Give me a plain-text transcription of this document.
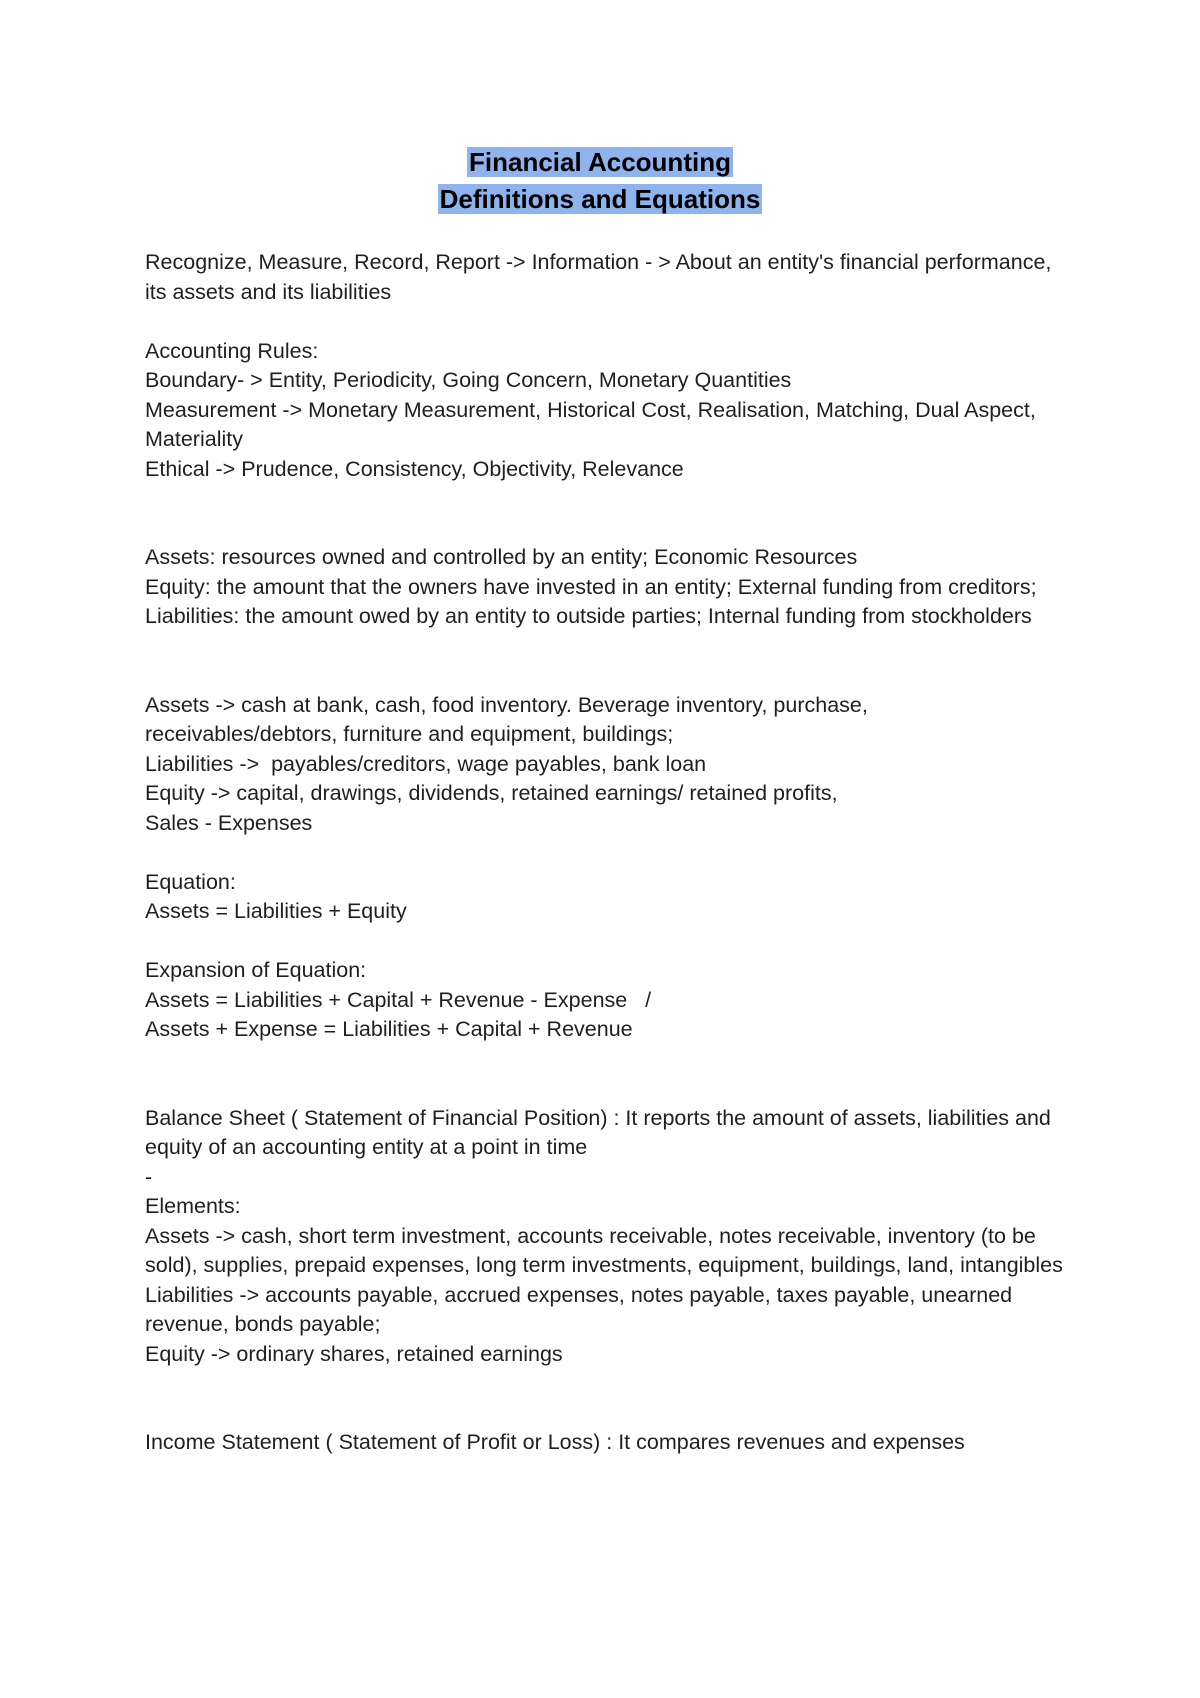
Financial Accounting
Definitions and Equations

Recognize, Measure, Record, Report -> Information - > About an entity's financial performance, its assets and its liabilities

Accounting Rules:

Boundary- > Entity, Periodicity, Going Concern, Monetary Quantities

Measurement -> Monetary Measurement, Historical Cost, Realisation, Matching, Dual Aspect, Materiality

Ethical -> Prudence, Consistency, Objectivity, Relevance

Assets: resources owned and controlled by an entity; Economic Resources

Equity: the amount that the owners have invested in an entity; External funding from creditors;

Liabilities: the amount owed by an entity to outside parties; Internal funding from stockholders

Assets -> cash at bank, cash, food inventory. Beverage inventory, purchase, receivables/debtors, furniture and equipment, buildings;

Liabilities ->  payables/creditors, wage payables, bank loan

Equity -> capital, drawings, dividends, retained earnings/ retained profits,

Sales - Expenses

Equation:

Assets = Liabilities + Equity

Expansion of Equation:

Assets = Liabilities + Capital + Revenue - Expense   /

Assets + Expense = Liabilities + Capital + Revenue

Balance Sheet ( Statement of Financial Position) : It reports the amount of assets, liabilities and equity of an accounting entity at a point in time

-

Elements:

Assets -> cash, short term investment, accounts receivable, notes receivable, inventory (to be sold), supplies, prepaid expenses, long term investments, equipment, buildings, land, intangibles

Liabilities -> accounts payable, accrued expenses, notes payable, taxes payable, unearned revenue, bonds payable;

Equity -> ordinary shares, retained earnings

Income Statement ( Statement of Profit or Loss) : It compares revenues and expenses
